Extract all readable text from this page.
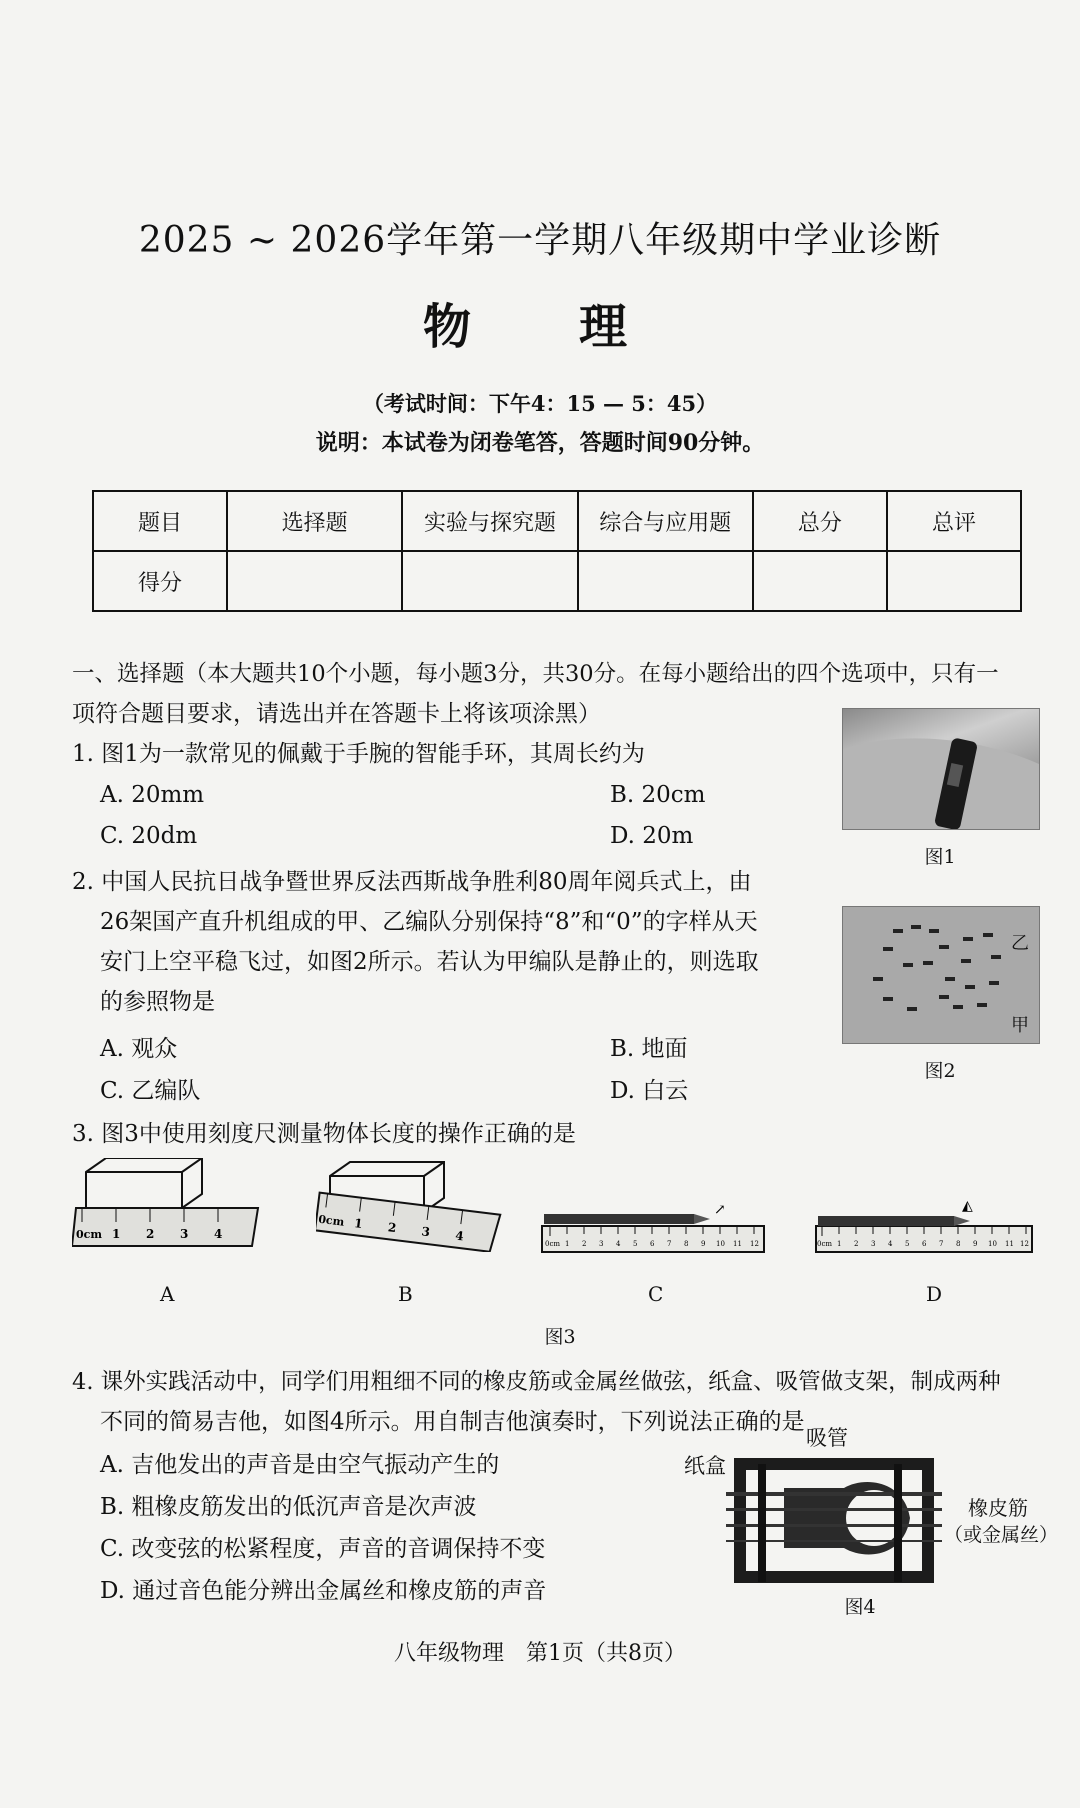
2025 ~ 2026学年第一学期八年级期中学业诊断
物　理
（考试时间：下午4：15 — 5：45）
说明：本试卷为闭卷笔答，答题时间90分钟。
题目	选择题	实验与探究题	综合与应用题	总分	总评
得分					
一、选择题（本大题共10个小题，每小题3分，共30分。在每小题给出的四个选项中，只有一
项符合题目要求，请选出并在答题卡上将该项涂黑）
1. 图1为一款常见的佩戴于手腕的智能手环，其周长约为
A. 20mm	B. 20cm
C. 20dm	D. 20m
图1
2. 中国人民抗日战争暨世界反法西斯战争胜利80周年阅兵式上，由
26架国产直升机组成的甲、乙编队分别保持“8”和“0”的字样从天
安门上空平稳飞过，如图2所示。若认为甲编队是静止的，则选取
的参照物是
A. 观众	B. 地面
C. 乙编队	D. 白云
乙
甲
图2
3. 图3中使用刻度尺测量物体长度的操作正确的是
0cm 1 2 3 4
0cm 1 2 3 4
↗
0cm 1 2 3 4 5 6 7 8 9 10 11 12
◭
0cm 1 2 3 4 5 6 7 8 9 10 11 12
A	B	C	D
图3
4. 课外实践活动中，同学们用粗细不同的橡皮筋或金属丝做弦，纸盒、吸管做支架，制成两种
不同的简易吉他，如图4所示。用自制吉他演奏时，下列说法正确的是
A. 吉他发出的声音是由空气振动产生的
B. 粗橡皮筋发出的低沉声音是次声波
C. 改变弦的松紧程度，声音的音调保持不变
D. 通过音色能分辨出金属丝和橡皮筋的声音
纸盒
吸管
橡皮筋
（或金属丝）
图4
八年级物理　第1页（共8页）
